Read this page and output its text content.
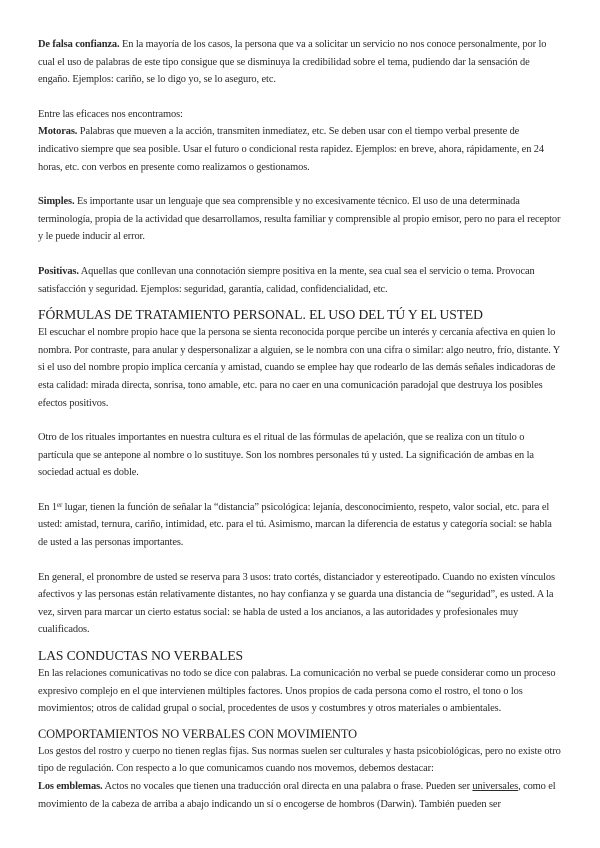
De falsa confianza. En la mayoría de los casos, la persona que va a solicitar un servicio no nos conoce personalmente, por lo cual el uso de palabras de este tipo consigue que se disminuya la credibilidad sobre el tema, pudiendo dar la sensación de engaño. Ejemplos: cariño, se lo digo yo, se lo aseguro, etc.

Entre las eficaces nos encontramos:

Motoras. Palabras que mueven a la acción, transmiten inmediatez, etc. Se deben usar con el tiempo verbal presente de indicativo siempre que sea posible. Usar el futuro o condicional resta rapidez. Ejemplos: en breve, ahora, rápidamente, en 24 horas, etc. con verbos en presente como realizamos o gestionamos.

Simples. Es importante usar un lenguaje que sea comprensible y no excesivamente técnico. El uso de una determinada terminología, propia de la actividad que desarrollamos, resulta familiar y comprensible al propio emisor, pero no para el receptor y le puede inducir al error.

Positivas. Aquellas que conllevan una connotación siempre positiva en la mente, sea cual sea el servicio o tema. Provocan satisfacción y seguridad. Ejemplos: seguridad, garantía, calidad, confidencialidad, etc.

FÓRMULAS DE TRATAMIENTO PERSONAL. EL USO DEL TÚ Y EL USTED

El escuchar el nombre propio hace que la persona se sienta reconocida porque percibe un interés y cercanía afectiva en quien lo nombra. Por contraste, para anular y despersonalizar a alguien, se le nombra con una cifra o similar: algo neutro, frío, distante. Y si el uso del nombre propio implica cercanía y amistad, cuando se emplee hay que rodearlo de las demás señales indicadoras de esta calidad: mirada directa, sonrisa, tono amable, etc. para no caer en una comunicación paradojal que destruya los posibles efectos positivos.

Otro de los rituales importantes en nuestra cultura es el ritual de las fórmulas de apelación, que se realiza con un título o partícula que se antepone al nombre o lo sustituye. Son los nombres personales tú y usted. La significación de ambas en la sociedad actual es doble.

En 1er lugar, tienen la función de señalar la “distancia” psicológica: lejanía, desconocimiento, respeto, valor social, etc. para el usted: amistad, ternura, cariño, intimidad, etc. para el tú. Asimismo, marcan la diferencia de estatus y categoría social: se habla de usted a las personas importantes.

En general, el pronombre de usted se reserva para 3 usos: trato cortés, distanciador y estereotipado. Cuando no existen vínculos afectivos y las personas están relativamente distantes, no hay confianza y se guarda una distancia de “seguridad”, es usted. A la vez, sirven para marcar un cierto estatus social: se habla de usted a los ancianos, a las autoridades y profesionales muy cualificados.

LAS CONDUCTAS NO VERBALES

En las relaciones comunicativas no todo se dice con palabras. La comunicación no verbal se puede considerar como un proceso expresivo complejo en el que intervienen múltiples factores. Unos propios de cada persona como el rostro, el tono o los movimientos; otros de calidad grupal o social, procedentes de usos y costumbres y otros materiales o ambientales.

COMPORTAMIENTOS NO VERBALES CON MOVIMIENTO

Los gestos del rostro y cuerpo no tienen reglas fijas. Sus normas suelen ser culturales y hasta psicobiológicas, pero no existe otro tipo de regulación. Con respecto a lo que comunicamos cuando nos movemos, debemos destacar:

Los emblemas. Actos no vocales que tienen una traducción oral directa en una palabra o frase. Pueden ser universales, como el movimiento de la cabeza de arriba a abajo indicando un sí o encogerse de hombros (Darwin). También pueden ser
